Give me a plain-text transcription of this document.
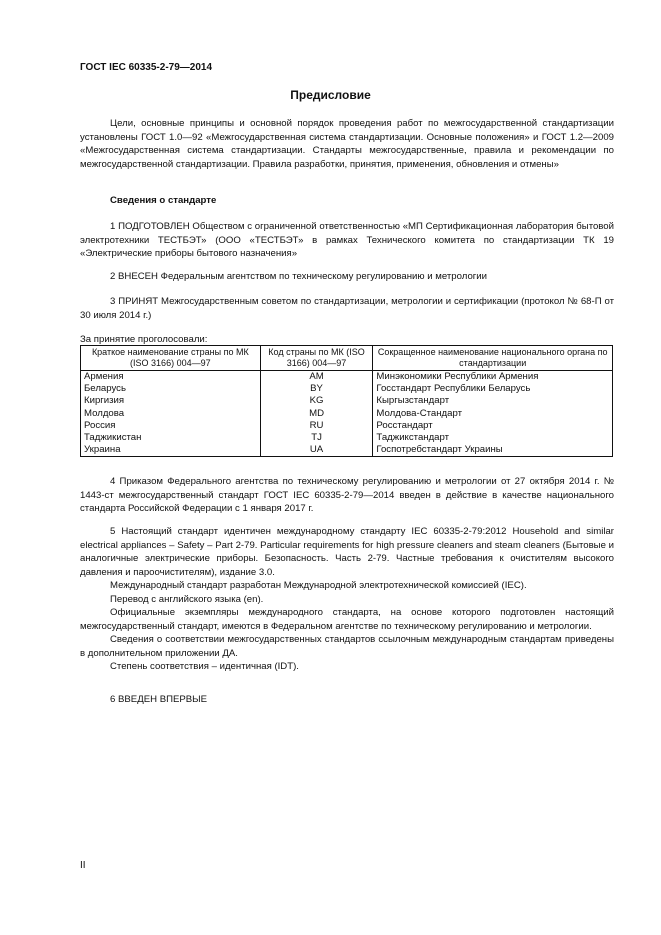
ГОСТ IEC 60335-2-79—2014
Предисловие

Цели, основные принципы и основной порядок проведения работ по межгосударственной стандартизации установлены ГОСТ 1.0—92 «Межгосударственная система стандартизации. Основные положения» и ГОСТ 1.2—2009 «Межгосударственная система стандартизации. Стандарты межгосударственные, правила и рекомендации по межгосударственной стандартизации. Правила разработки, принятия, применения, обновления и отмены»

Сведения о стандарте

1 ПОДГОТОВЛЕН Обществом с ограниченной ответственностью «МП Сертификационная лаборатория бытовой электротехники ТЕСТБЭТ» (ООО «ТЕСТБЭТ» в рамках Технического комитета по стандартизации ТК 19 «Электрические приборы бытового назначения»

2 ВНЕСЕН Федеральным агентством по техническому регулированию и метрологии

3 ПРИНЯТ Межгосударственным советом по стандартизации, метрологии и сертификации (протокол № 68-П от 30 июля 2014 г.)

За принятие проголосовали:
Краткое наименование страны по МК (ISO 3166) 004—97	Код страны по МК (ISO 3166) 004—97	Сокращенное наименование национального органа по стандартизации
Армения	AM	Минэкономики Республики Армения
Беларусь	BY	Госстандарт Республики Беларусь
Киргизия	KG	Кыргызстандарт
Молдова	MD	Молдова-Стандарт
Россия	RU	Росстандарт
Таджикистан	TJ	Таджикстандарт
Украина	UA	Госпотребстандарт Украины

4 Приказом Федерального агентства по техническому регулированию и метрологии от 27 октября 2014 г. № 1443-ст межгосударственный стандарт ГОСТ IEC 60335-2-79—2014 введен в действие в качестве национального стандарта Российской Федерации с 1 января 2017 г.

5 Настоящий стандарт идентичен международному стандарту IEC 60335-2-79:2012 Household and similar electrical appliances – Safety – Part 2-79. Particular requirements for high pressure cleaners and steam cleaners (Бытовые и аналогичные электрические приборы. Безопасность. Часть 2-79. Частные требования к очистителям высокого давления и пароочистителям), издание 3.0.

Международный стандарт разработан Международной электротехнической комиссией (IEC).

Перевод с английского языка (en).

Официальные экземпляры международного стандарта, на основе которого подготовлен настоящий межгосударственный стандарт, имеются в Федеральном агентстве по техническому регулированию и метрологии.

Сведения о соответствии межгосударственных стандартов ссылочным международным стандартам приведены в дополнительном приложении ДА.

Степень соответствия – идентичная (IDT).

6 ВВЕДЕН ВПЕРВЫЕ

II
